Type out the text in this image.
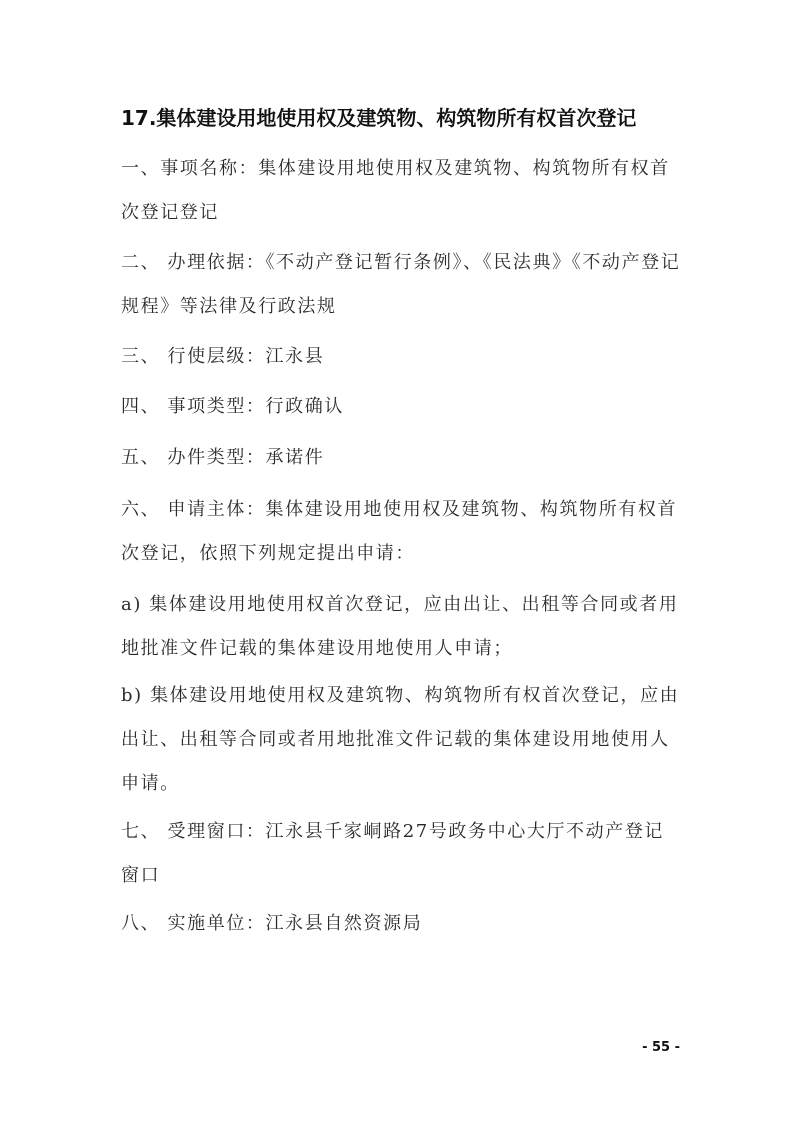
17.集体建设用地使用权及建筑物、构筑物所有权首次登记
一、事项名称：集体建设用地使用权及建筑物、构筑物所有权首次登记登记
二、 办理依据：《不动产登记暂行条例》、《民法典》《不动产登记规程》等法律及行政法规
三、 行使层级：江永县
四、 事项类型：行政确认
五、 办件类型：承诺件
六、 申请主体：集体建设用地使用权及建筑物、构筑物所有权首次登记，依照下列规定提出申请：
a) 集体建设用地使用权首次登记，应由出让、出租等合同或者用地批准文件记载的集体建设用地使用人申请；
b) 集体建设用地使用权及建筑物、构筑物所有权首次登记，应由出让、出租等合同或者用地批准文件记载的集体建设用地使用人申请。
七、 受理窗口：江永县千家峒路27号政务中心大厅不动产登记窗口
八、 实施单位：江永县自然资源局
- 55 -
